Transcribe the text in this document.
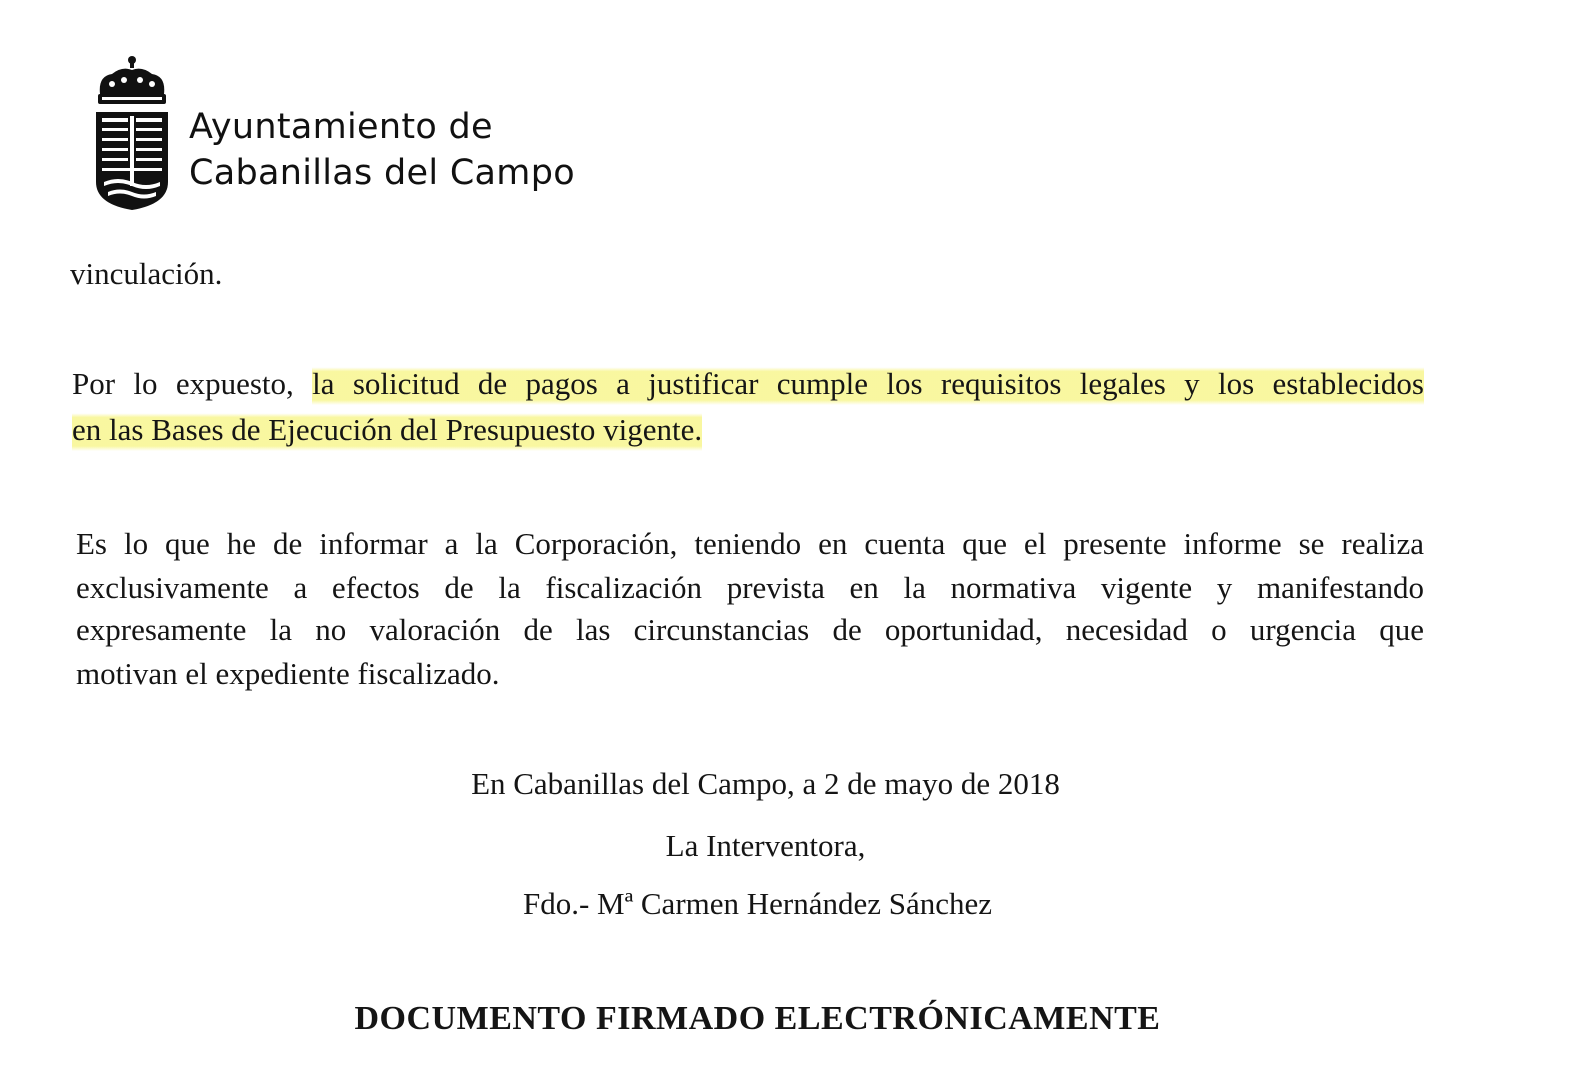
Ayuntamiento de
Cabanillas del Campo
vinculación.
Por lo expuesto, la solicitud de pagos a justificar cumple los requisitos legales y los establecidos
en las Bases de Ejecución del Presupuesto vigente.
Es lo que he de informar a la Corporación, teniendo en cuenta que el presente informe se realiza
exclusivamente a efectos de la fiscalización prevista en la normativa vigente y manifestando
expresamente la no valoración de las circunstancias de oportunidad, necesidad o urgencia que
motivan el expediente fiscalizado.
En Cabanillas del Campo, a 2 de mayo de 2018
La Interventora,
Fdo.- Mª Carmen Hernández Sánchez
DOCUMENTO FIRMADO ELECTRÓNICAMENTE
